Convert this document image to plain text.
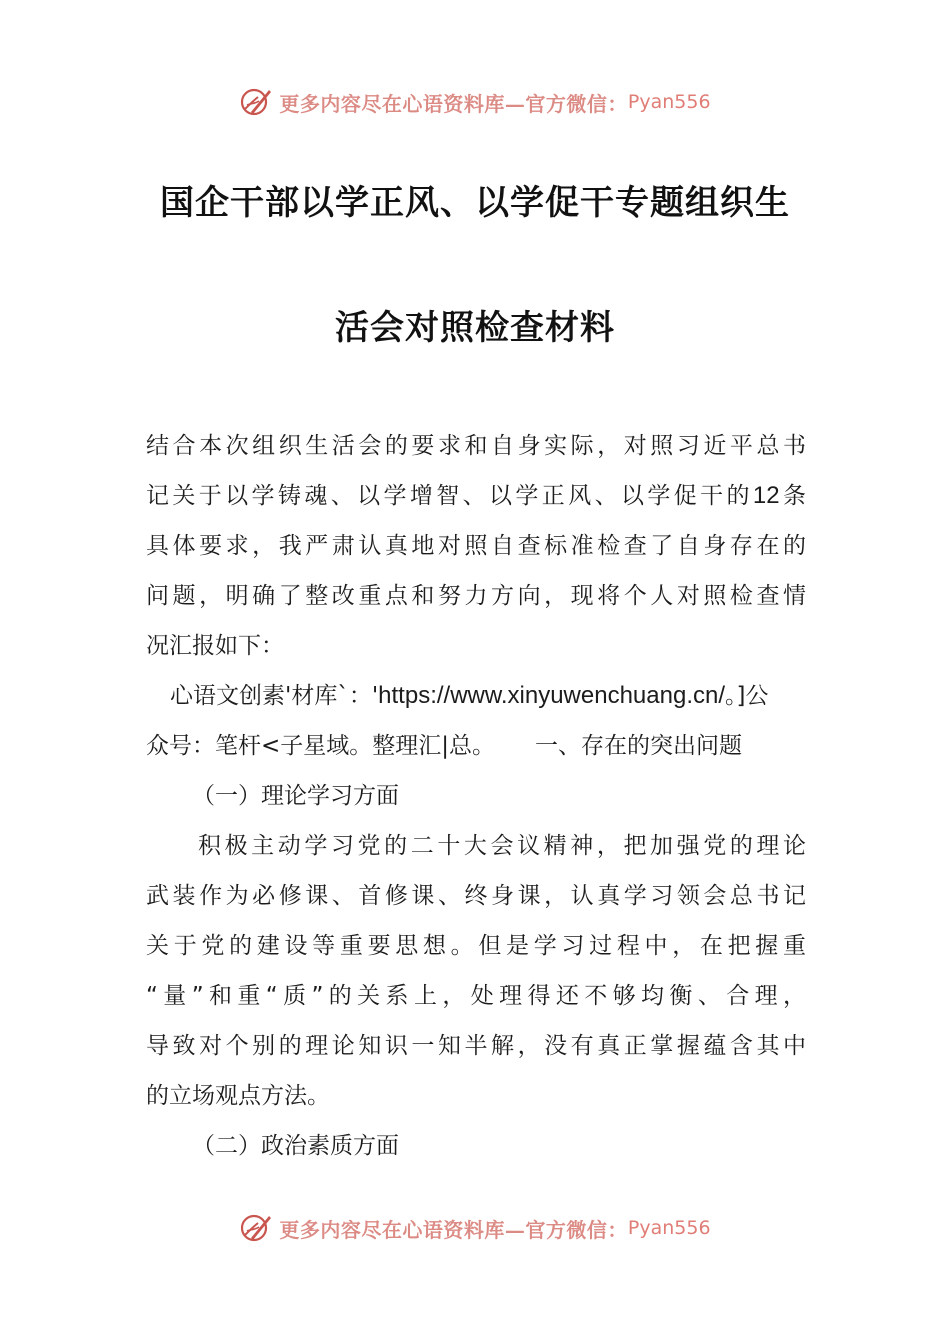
更多内容尽在心语资料库— 官方微信： Pyan556
国企干部以学正风、以学促干专题组织生
活会对照检查材料
结合本次组织生活会的要求和自身实际，对照习近平总书
记关于以学铸魂、以学增智、以学正风、以学促干的12条
具体要求，我严肃认真地对照自查标准检查了自身存在的
问题，明确了整改重点和努力方向，现将个人对照检查情
况汇报如下：
心语文创素'材库`：'https://www.xinyuwenchuang.cn/。]公
众号：笔杆<子星域。整理汇|总。 一、存在的突出问题
（一）理论学习方面
积极主动学习党的二十大会议精神，把加强党的理论
武装作为必修课、首修课、终身课，认真学习领会总书记
关于党的建设等重要思想。但是学习过程中，在把握重
“量”和重“质”的关系上，处理得还不够均衡、合理，
导致对个别的理论知识一知半解，没有真正掌握蕴含其中
的立场观点方法。
（二）政治素质方面
更多内容尽在心语资料库— 官方微信： Pyan556
